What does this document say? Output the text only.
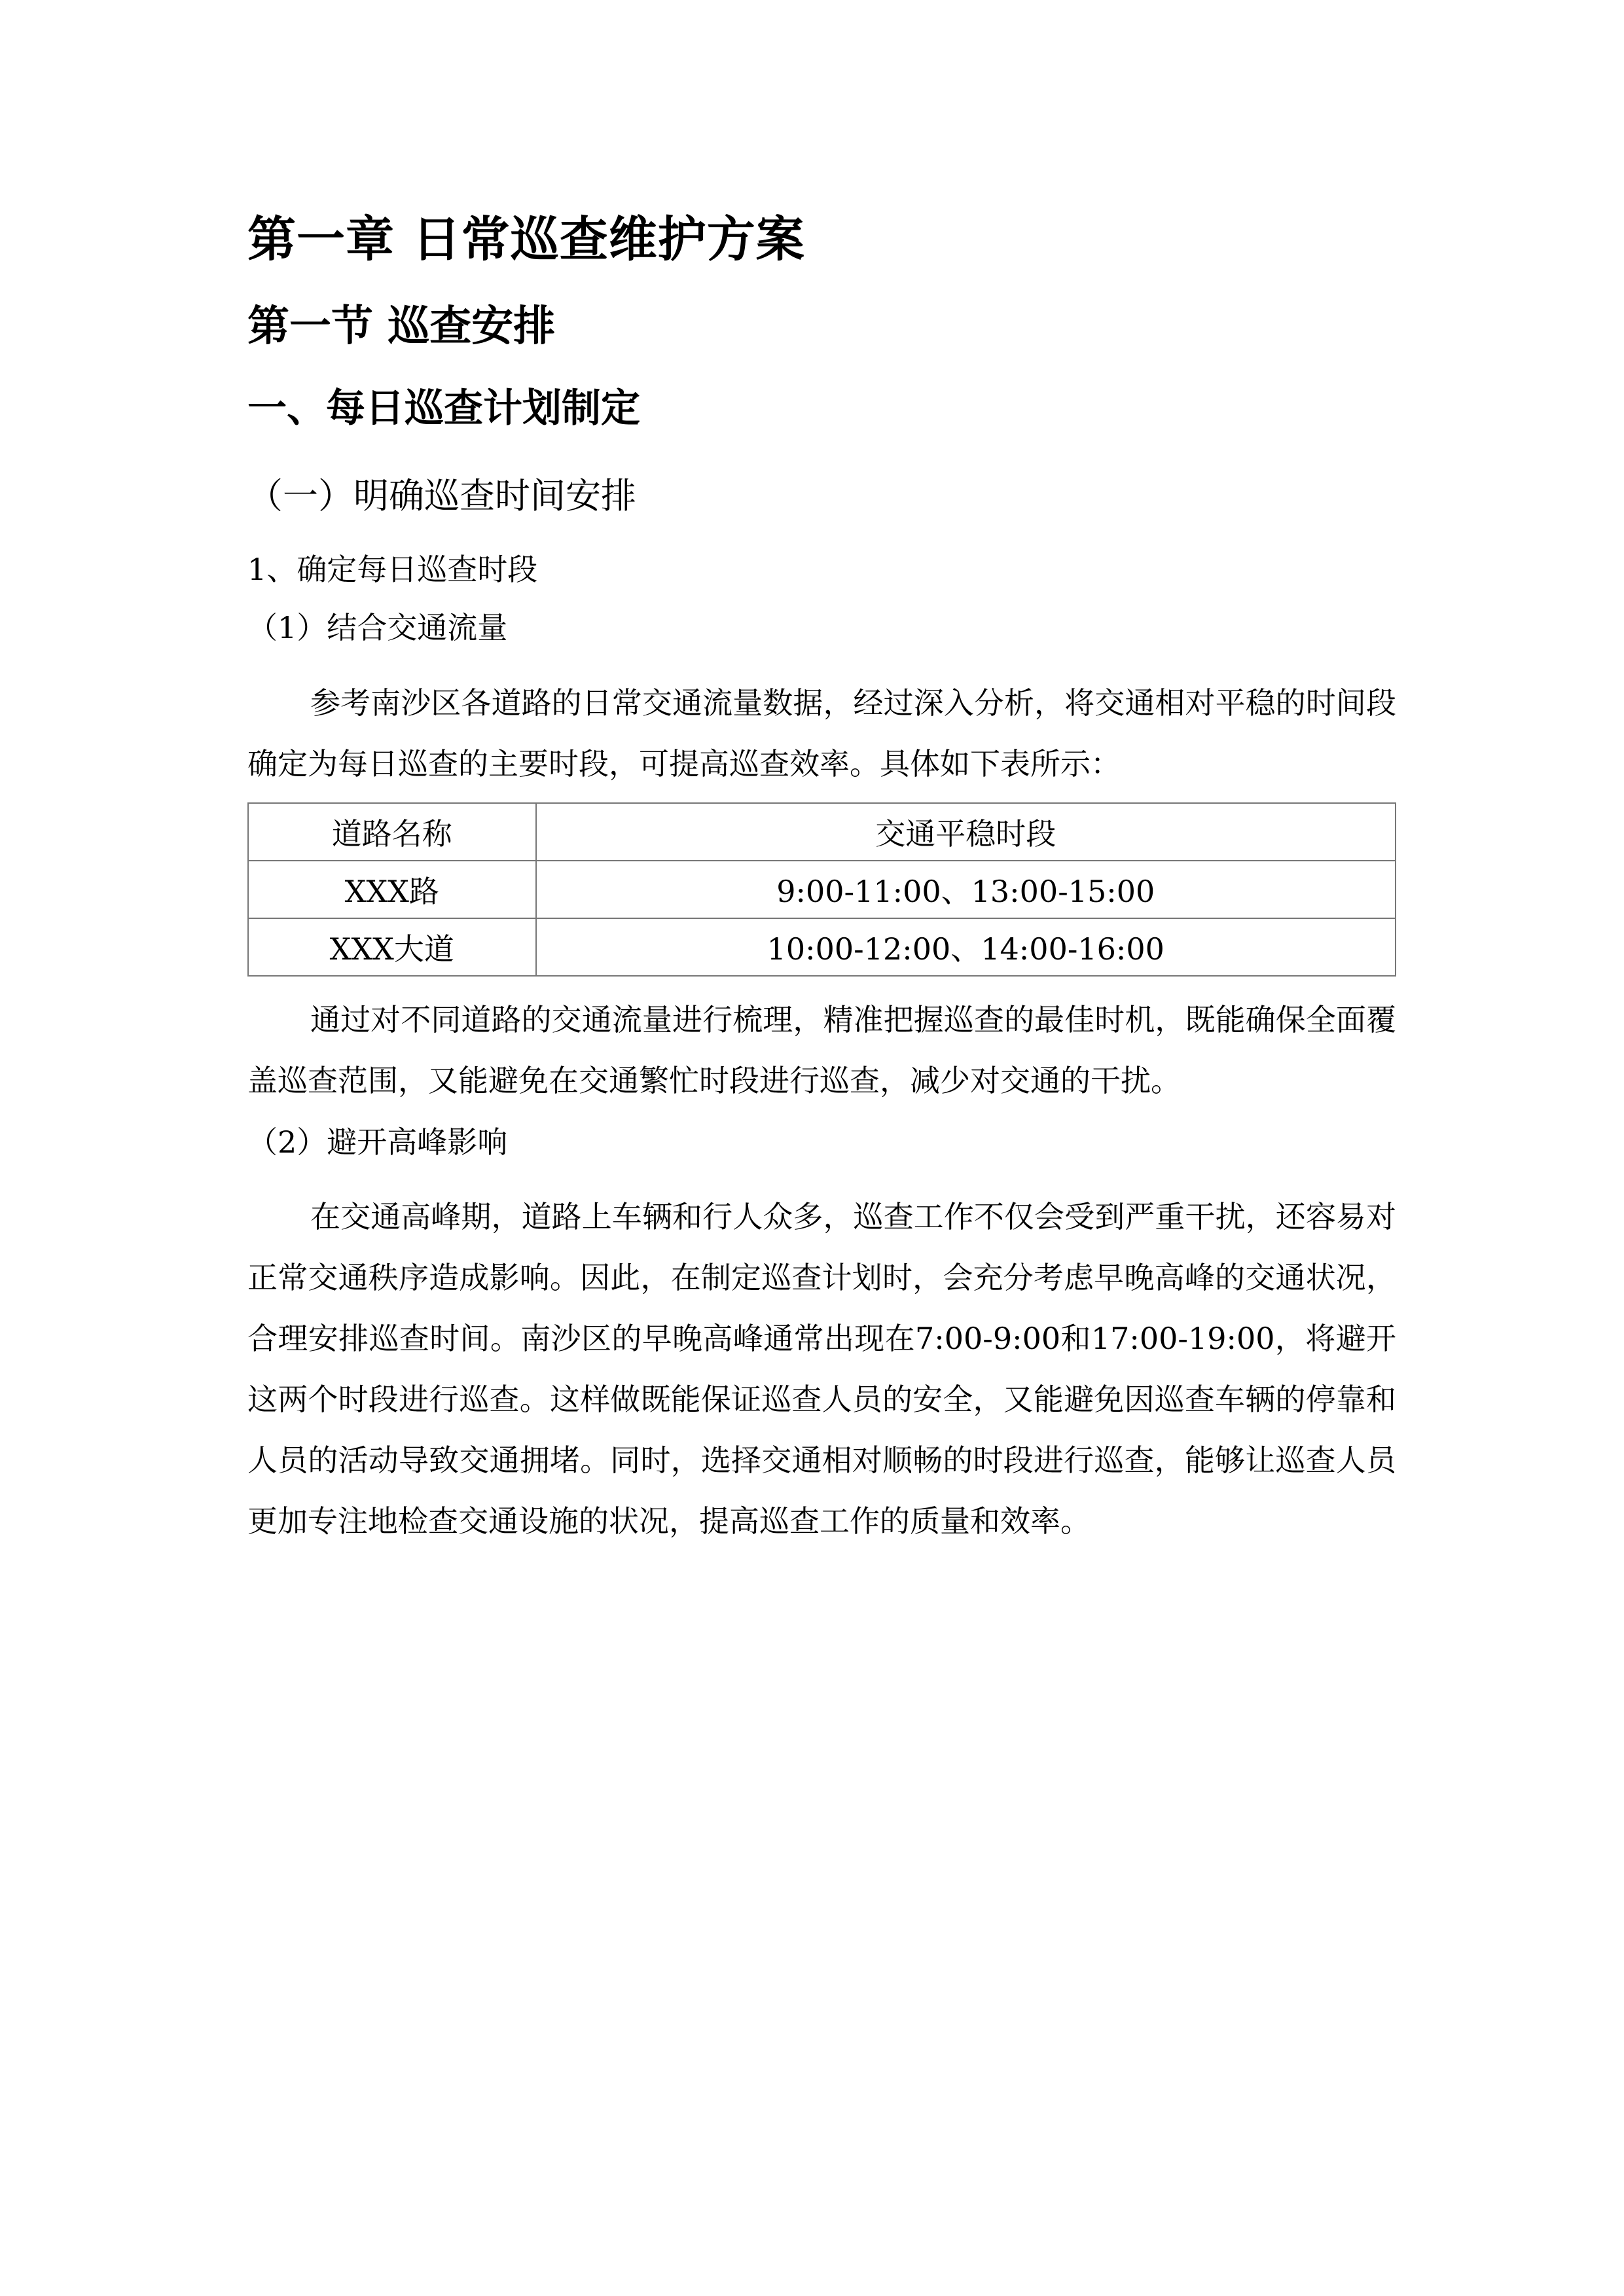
第一章 日常巡查维护方案
第一节 巡查安排
一、每日巡查计划制定
（一）明确巡查时间安排
1、确定每日巡查时段
（1）结合交通流量

参考南沙区各道路的日常交通流量数据，经过深入分析，将交通相对平稳的时间段确定为每日巡查的主要时段，可提高巡查效率。具体如下表所示：

道路名称	交通平稳时段
XXX路	9:00-11:00、13:00-15:00
XXX大道	10:00-12:00、14:00-16:00

通过对不同道路的交通流量进行梳理，精准把握巡查的最佳时机，既能确保全面覆盖巡查范围，又能避免在交通繁忙时段进行巡查，减少对交通的干扰。

（2）避开高峰影响

在交通高峰期，道路上车辆和行人众多，巡查工作不仅会受到严重干扰，还容易对正常交通秩序造成影响。因此，在制定巡查计划时，会充分考虑早晚高峰的交通状况，合理安排巡查时间。南沙区的早晚高峰通常出现在7:00-9:00和17:00-19:00，将避开这两个时段进行巡查。这样做既能保证巡查人员的安全，又能避免因巡查车辆的停靠和人员的活动导致交通拥堵。同时，选择交通相对顺畅的时段进行巡查，能够让巡查人员更加专注地检查交通设施的状况，提高巡查工作的质量和效率。
